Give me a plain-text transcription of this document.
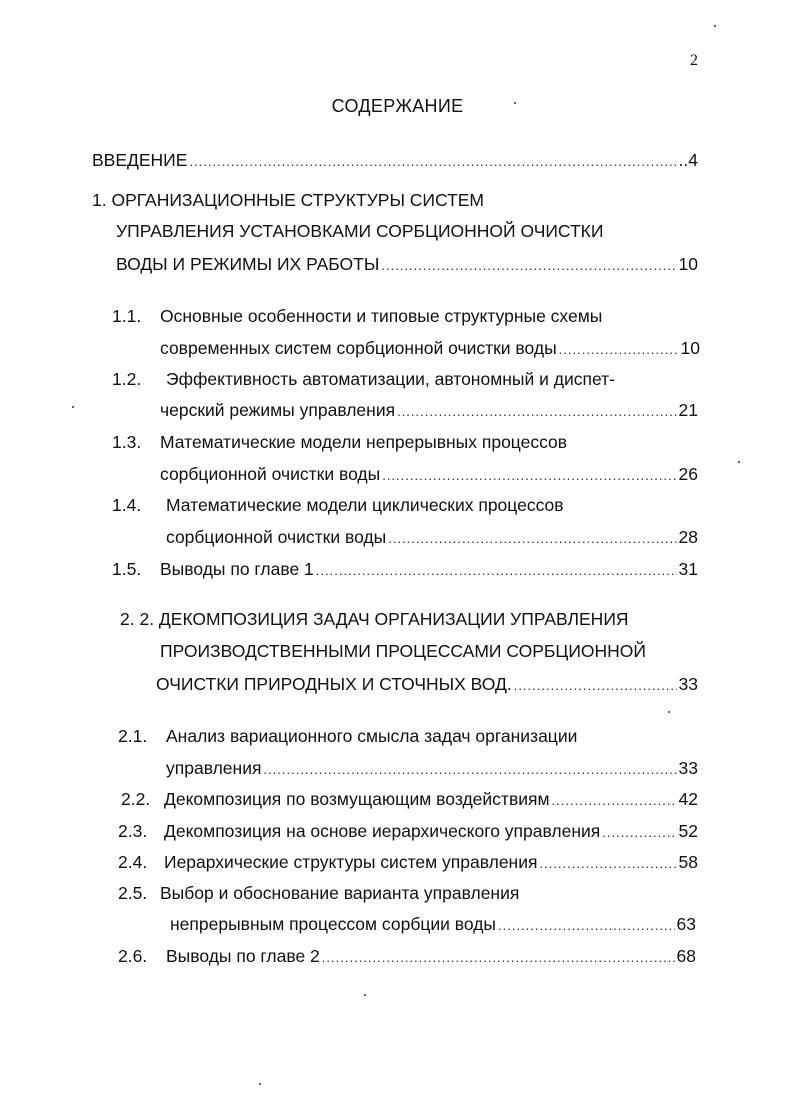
2
СОДЕРЖАНИЕ
ВВЕДЕНИЕ .....	..4
1. ОРГАНИЗАЦИОННЫЕ СТРУКТУРЫ СИСТЕМ
УПРАВЛЕНИЯ УСТАНОВКАМИ СОРБЦИОННОЙ ОЧИСТКИ
ВОДЫ И РЕЖИМЫ ИХ РАБОТЫ .....	10
1.1. Основные особенности и типовые структурные схемы
современных систем сорбционной очистки воды .....	10
1.2. Эффективность автоматизации, автономный и диспет-
черский режимы управления .....	21
1.3. Математические модели непрерывных процессов
сорбционной очистки воды .....	26
1.4. Математические модели циклических процессов
сорбционной очистки воды .....	28
1.5. Выводы по главе 1 .....	31
2. 2. ДЕКОМПОЗИЦИЯ ЗАДАЧ ОРГАНИЗАЦИИ УПРАВЛЕНИЯ
ПРОИЗВОДСТВЕННЫМИ ПРОЦЕССАМИ СОРБЦИОННОЙ
ОЧИСТКИ ПРИРОДНЫХ И СТОЧНЫХ ВОД. .....	33
2.1. Анализ вариационного смысла задач организации
управления .....	33
2.2. Декомпозиция по возмущающим воздействиям .....	42
2.3. Декомпозиция на основе иерархического управления .....	52
2.4. Иерархические структуры систем управления .....	58
2.5. Выбор и обоснование варианта управления
непрерывным процессом сорбции воды .....	63
2.6. Выводы по главе 2 .....	68
